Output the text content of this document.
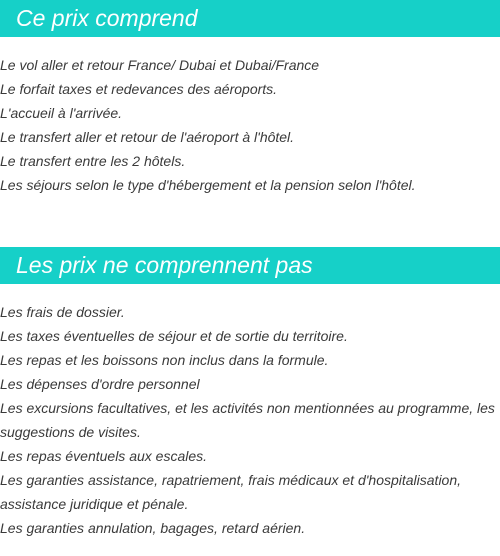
Ce prix comprend
Le vol aller et retour France/ Dubai et Dubai/France
Le forfait taxes et redevances des aéroports.
L'accueil à l'arrivée.
Le transfert aller et retour de l'aéroport à l'hôtel.
Le transfert entre les 2 hôtels.
Les séjours selon le type d'hébergement et la pension selon l'hôtel.
Les prix ne comprennent pas
Les frais de dossier.
Les taxes éventuelles de séjour et de sortie du territoire.
Les repas et les boissons non inclus dans la formule.
Les dépenses d'ordre personnel
Les excursions facultatives, et les activités non mentionnées au programme, les suggestions de visites.
Les repas éventuels aux escales.
Les garanties assistance, rapatriement, frais médicaux et d'hospitalisation, assistance juridique et pénale.
Les garanties annulation, bagages, retard aérien.
